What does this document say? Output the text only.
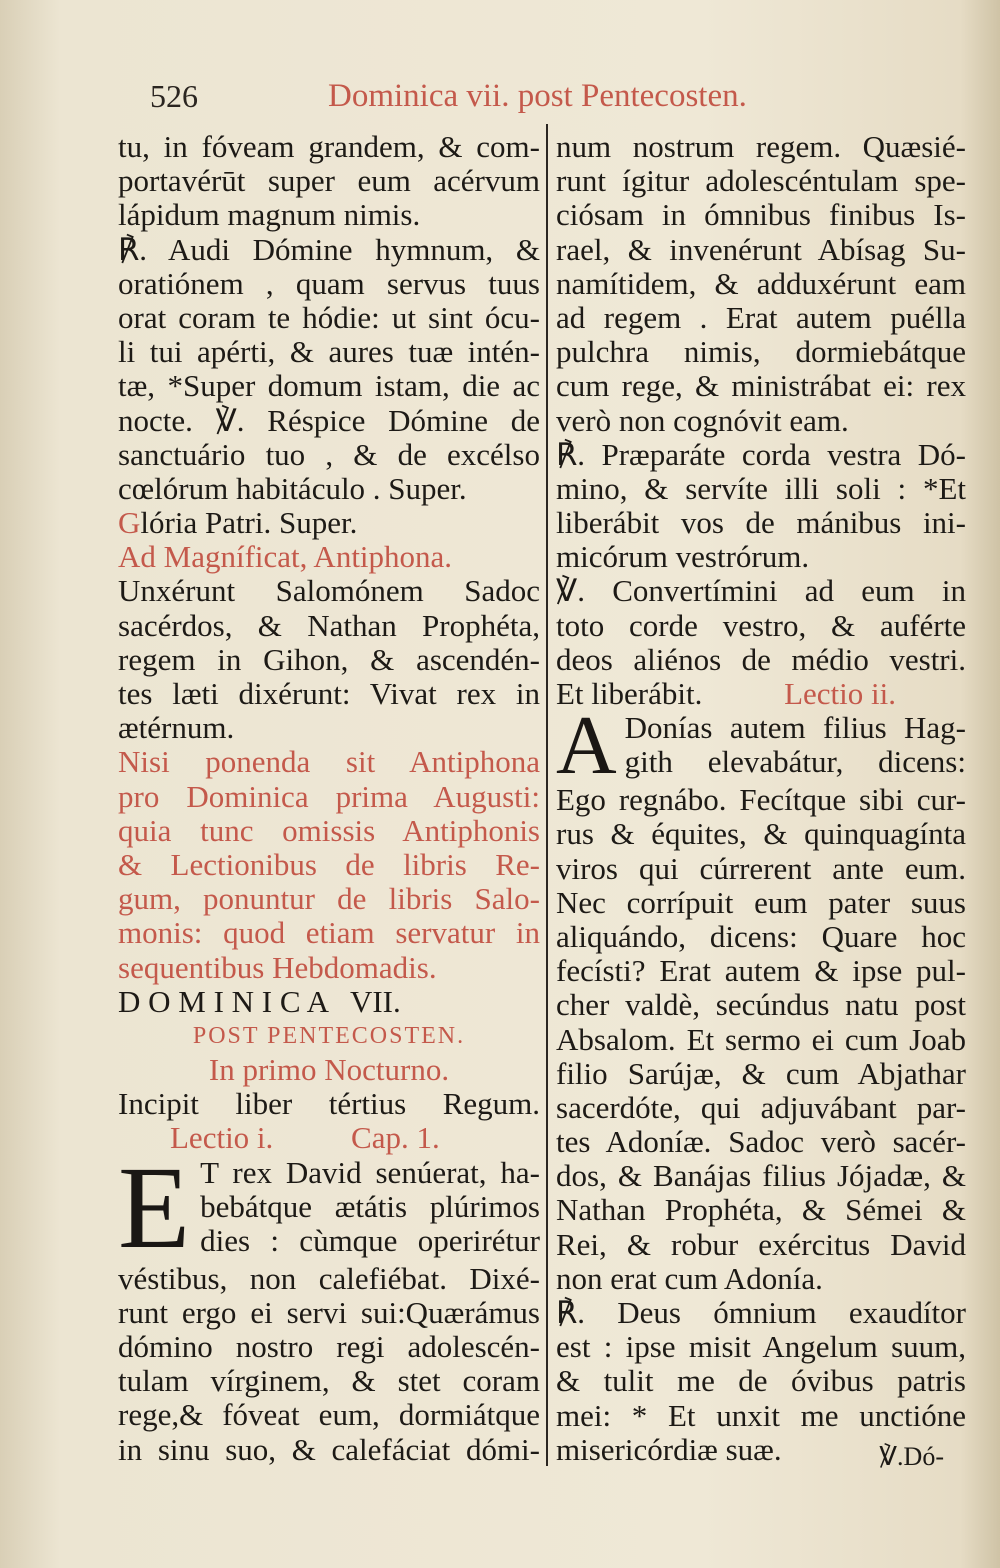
526	Dominica vii. post Pentecosten.
tu, in fóveam grandem, & com-
portavérūt super eum acérvum
lápidum magnum nimis.
℟. Audi Dómine hymnum, &
oratiónem , quam servus tuus
orat coram te hódie: ut sint ócu-
li tui apérti, & aures tuæ intén-
tæ, *Super domum istam, die ac
nocte. ℣. Réspice Dómine de
sanctuário tuo , & de excélso
cœlórum habitáculo . Super.
Glória Patri. Super.
Ad Magníficat, Antiphona.
Unxérunt Salomónem Sadoc
sacérdos, & Nathan Prophéta,
regem in Gihon, & ascendén-
tes læti dixérunt: Vivat rex in
ætérnum.
Nisi ponenda sit Antiphona
pro Dominica prima Augusti:
quia tunc omissis Antiphonis
& Lectionibus de libris Re-
gum, ponuntur de libris Salo-
monis: quod etiam servatur in
sequentibus Hebdomadis.
D O M I N I C A   VII.
POST PENTECOSTEN.
In primo Nocturno.
Incipit liber tértius Regum.
Lectio i.	Cap. 1.
E T rex David senúerat, ha-
bebátque ætátis plúrimos
dies : cùmque operirétur
véstibus, non calefiébat. Dixé-
runt ergo ei servi sui:Quærámus
dómino nostro regi adolescén-
tulam vírginem, & stet coram
rege,& fóveat eum, dormiátque
in sinu suo, & calefáciat dómi-
num nostrum regem. Quæsié-
runt ígitur adolescéntulam spe-
ciósam in ómnibus finibus Is-
rael, & invenérunt Abísag Su-
namítidem, & adduxérunt eam
ad regem . Erat autem puélla
pulchra nimis, dormiebátque
cum rege, & ministrábat ei: rex
verò non cognóvit eam.
℟. Præparáte corda vestra Dó-
mino, & servíte illi soli : *Et
liberábit vos de mánibus ini-
micórum vestrórum.
℣. Convertímini ad eum in
toto corde vestro, & auférte
deos aliénos de médio vestri.
Et liberábit.	Lectio ii.
A Donías autem filius Hag-
gith elevabátur, dicens:
Ego regnábo. Fecítque sibi cur-
rus & équites, & quinquagínta
viros qui cúrrerent ante eum.
Nec corrípuit eum pater suus
aliquándo, dicens: Quare hoc
fecísti? Erat autem & ipse pul-
cher valdè, secúndus natu post
Absalom. Et sermo ei cum Joab
filio Sarújæ, & cum Abjathar
sacerdóte, qui adjuvábant par-
tes Adoníæ. Sadoc verò sacér-
dos, & Banájas filius Jójadæ, &
Nathan Prophéta, & Sémei &
Rei, & robur exércitus David
non erat cum Adonía.
℟. Deus ómnium exaudítor
est : ipse misit Angelum suum,
& tulit me de óvibus patris
mei: * Et unxit me unctióne
misericórdiæ suæ.	℣.Dó-
